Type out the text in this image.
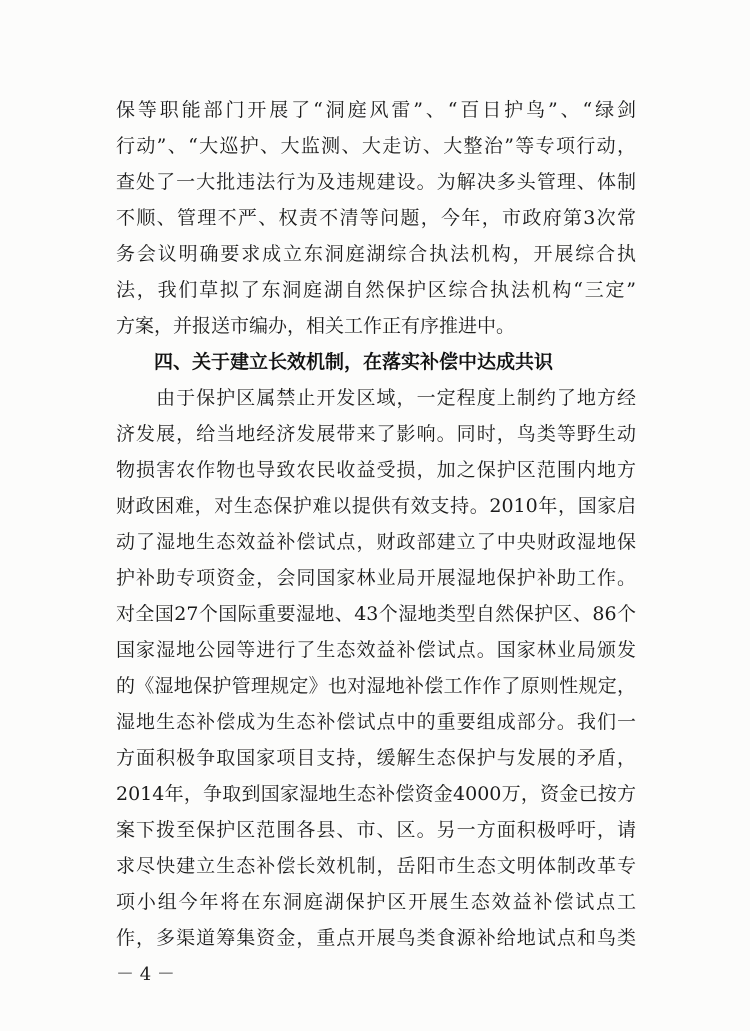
保等职能部门开展了“洞庭风雷”、“百日护鸟”、“绿剑
行动”、“大巡护、大监测、大走访、大整治”等专项行动，
查处了一大批违法行为及违规建设。为解决多头管理、体制
不顺、管理不严、权责不清等问题，今年，市政府第3次常
务会议明确要求成立东洞庭湖综合执法机构，开展综合执
法，我们草拟了东洞庭湖自然保护区综合执法机构“三定”
方案，并报送市编办，相关工作正有序推进中。
四、关于建立长效机制，在落实补偿中达成共识
　　由于保护区属禁止开发区域，一定程度上制约了地方经
济发展，给当地经济发展带来了影响。同时，鸟类等野生动
物损害农作物也导致农民收益受损，加之保护区范围内地方
财政困难，对生态保护难以提供有效支持。2010年，国家启
动了湿地生态效益补偿试点，财政部建立了中央财政湿地保
护补助专项资金，会同国家林业局开展湿地保护补助工作。
对全国27个国际重要湿地、43个湿地类型自然保护区、86个
国家湿地公园等进行了生态效益补偿试点。国家林业局颁发
的《湿地保护管理规定》也对湿地补偿工作作了原则性规定，
湿地生态补偿成为生态补偿试点中的重要组成部分。我们一
方面积极争取国家项目支持，缓解生态保护与发展的矛盾，
2014年，争取到国家湿地生态补偿资金4000万，资金已按方
案下拨至保护区范围各县、市、区。另一方面积极呼吁，请
求尽快建立生态补偿长效机制，岳阳市生态文明体制改革专
项小组今年将在东洞庭湖保护区开展生态效益补偿试点工
作，多渠道筹集资金，重点开展鸟类食源补给地试点和鸟类
－ 4 －
